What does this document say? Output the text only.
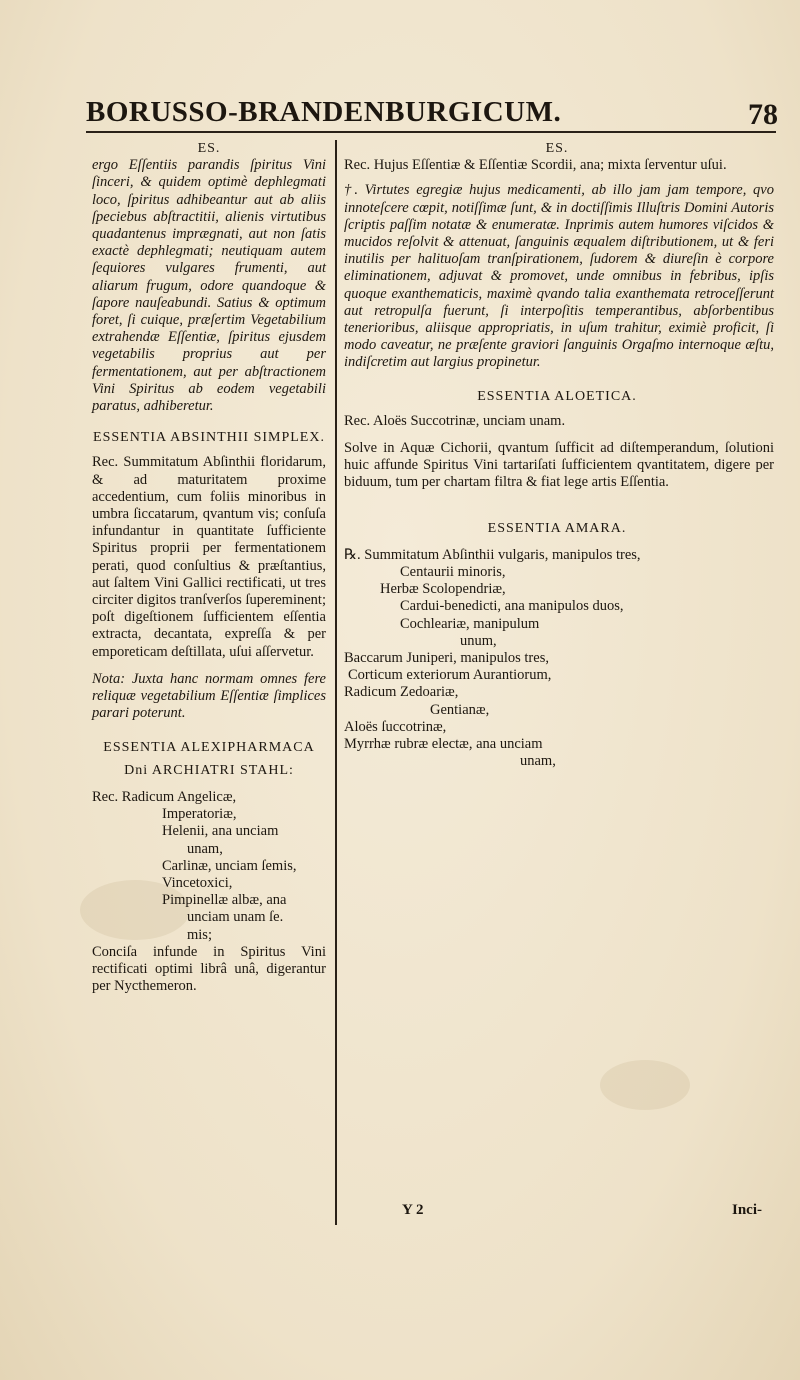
BORUSSO-BRANDENBURGICUM.	78

ES.

ergo Eſſentiis parandis ſpiritus Vini ſinceri, & quidem optimè dephlegmati loco, ſpiritus adhibeantur aut ab aliis ſpeciebus abſtractitii, alienis virtutibus quadantenus imprægnati, aut non ſatis exactè dephlegmati; neutiquam autem ſequiores vulgares frumenti, aut aliarum frugum, odore quandoque & ſapore nauſeabundi. Satius & optimum foret, ſi cuique, præſertim Vegetabilium extrahendæ Eſſentiæ, ſpiritus ejusdem vegetabilis proprius aut per fermentationem, aut per abſtractionem Vini Spiritus ab eodem vegetabili paratus, adhiberetur.

ESSENTIA ABSINTHII SIMPLEX.

Rec. Summitatum Abſinthii floridarum, & ad maturitatem proxime accedentium, cum foliis minoribus in umbra ſiccatarum, qvantum vis; conſuſa infundantur in quantitate ſufficiente Spiritus proprii per fermentationem perati, quod conſultius & præſtantius, aut ſaltem Vini Gallici rectificati, ut tres circiter digitos tranſverſos ſupereminent; poſt digeſtionem ſufficientem eſſentia extracta, decantata, expreſſa & per emporeticam deſtillata, uſui aſſervetur.

Nota: Juxta hanc normam omnes fere reliquæ vegetabilium Eſſentiæ ſimplices parari poterunt.

ESSENTIA ALEXIPHARMACA

Dni ARCHIATRI STAHL:

Rec. Radicum Angelicæ,
Imperatoriæ,
Helenii, ana unciam
unam,
Carlinæ, unciam ſemis,
Vincetoxici,
Pimpinellæ albæ, ana
unciam unam ſe.
mis;

Conciſa infunde in Spiritus Vini rectificati optimi librâ unâ, digerantur per Nycthemeron.

ES.

Rec. Hujus Eſſentiæ & Eſſentiæ Scordii, ana; mixta ſerventur uſui.

†. Virtutes egregiæ hujus medicamenti, ab illo jam jam tempore, qvo innoteſcere cœpit, notiſſimæ ſunt, & in doctiſſimis Illuſtris Domini Autoris ſcriptis paſſim notatæ & enumeratæ. Inprimis autem humores viſcidos & mucidos reſolvit & attenuat, ſanguinis æqualem diſtributionem, ut & feri inutilis per halituoſam tranſpirationem, ſudorem & diureſin è corpore eliminationem, adjuvat & promovet, unde omnibus in febribus, ipſis quoque exanthematicis, maximè qvando talia exanthemata retroceſſerunt aut retropulſa fuerunt, ſi interpoſitis temperantibus, abſorbentibus tenerioribus, aliisque appropriatis, in uſum trahitur, eximiè proficit, ſi modo caveatur, ne præſente graviori ſanguinis Orgaſmo internoque æſtu, indiſcretim aut largius propinetur.

ESSENTIA ALOETICA.

Rec. Aloës Succotrinæ, unciam unam.

Solve in Aquæ Cichorii, qvantum ſufficit ad diſtemperandum, ſolutioni huic affunde Spiritus Vini tartariſati ſufficientem qvantitatem, digere per biduum, tum per chartam filtra & fiat lege artis Eſſentia.

ESSENTIA AMARA.

℞. Summitatum Abſinthii vulgaris, manipulos tres,
Centaurii minoris,
Herbæ Scolopendriæ,
Cardui-benedicti, ana manipulos duos,
Cochleariæ, manipulum
unum,
Baccarum Juniperi, manipulos tres,
Corticum exteriorum Aurantiorum,
Radicum Zedoariæ,
Gentianæ,
Aloës ſuccotrinæ,
Myrrhæ rubræ electæ, ana unciam
unam,
Y 2	Inci-
